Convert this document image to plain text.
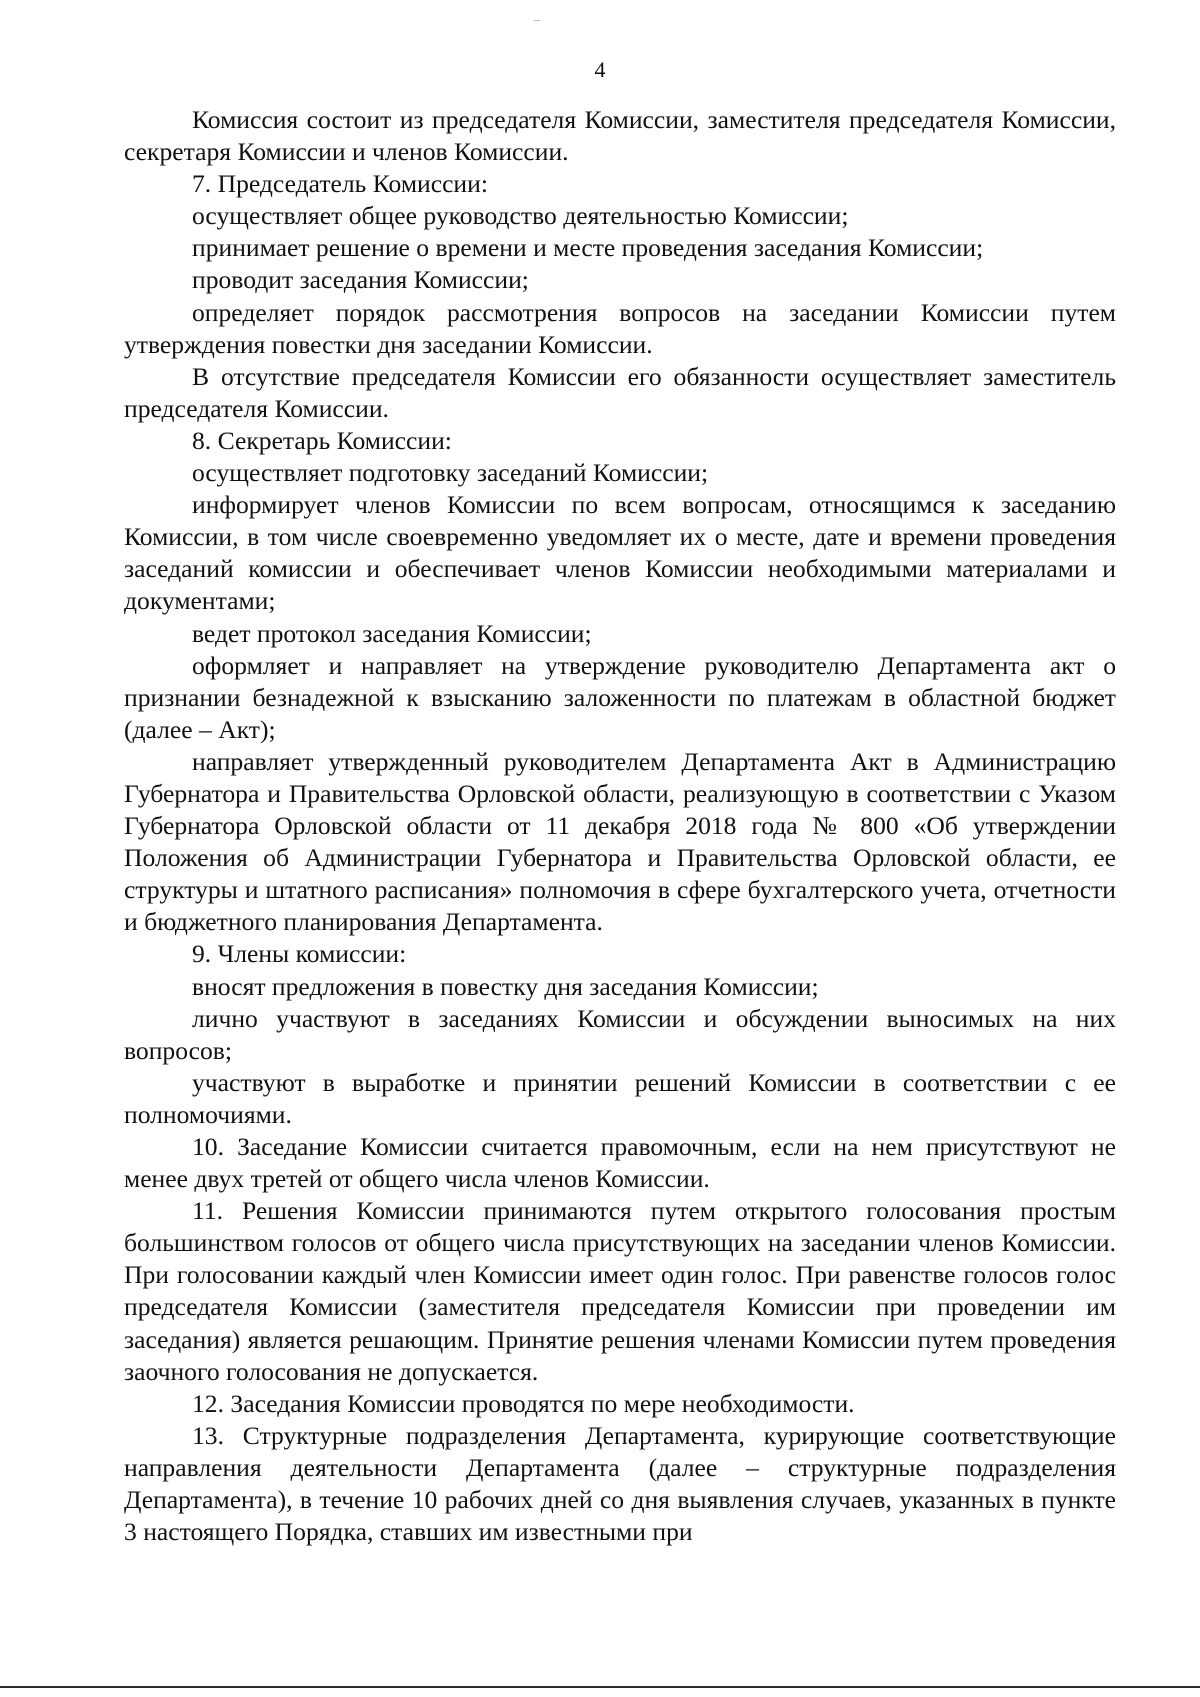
4

Комиссия состоит из председателя Комиссии, заместителя председателя Комиссии, секретаря Комиссии и членов Комиссии.

7. Председатель Комиссии:

осуществляет общее руководство деятельностью Комиссии;

принимает решение о времени и месте проведения заседания Комиссии;

проводит заседания Комиссии;

определяет порядок рассмотрения вопросов на заседании Комиссии путем утверждения повестки дня заседании Комиссии.

В отсутствие председателя Комиссии его обязанности осуществляет заместитель председателя Комиссии.

8. Секретарь Комиссии:

осуществляет подготовку заседаний Комиссии;

информирует членов Комиссии по всем вопросам, относящимся к заседанию Комиссии, в том числе своевременно уведомляет их о месте, дате и времени проведения заседаний комиссии и обеспечивает членов Комиссии необходимыми материалами и документами;

ведет протокол заседания Комиссии;

оформляет и направляет на утверждение руководителю Департамента акт о признании безнадежной к взысканию заложенности по платежам в областной бюджет (далее – Акт);

направляет утвержденный руководителем Департамента Акт в Администрацию Губернатора и Правительства Орловской области, реализующую в соответствии с Указом Губернатора Орловской области от 11 декабря 2018 года № 800 «Об утверждении Положения об Администрации Губернатора и Правительства Орловской области, ее структуры и штатного расписания» полномочия в сфере бухгалтерского учета, отчетности и бюджетного планирования Департамента.

9. Члены комиссии:

вносят предложения в повестку дня заседания Комиссии;

лично участвуют в заседаниях Комиссии и обсуждении выносимых на них вопросов;

участвуют в выработке и принятии решений Комиссии в соответствии с ее полномочиями.

10. Заседание Комиссии считается правомочным, если на нем присутствуют не менее двух третей от общего числа членов Комиссии.

11. Решения Комиссии принимаются путем открытого голосования простым большинством голосов от общего числа присутствующих на заседании членов Комиссии. При голосовании каждый член Комиссии имеет один голос. При равенстве голосов голос председателя Комиссии (заместителя председателя Комиссии при проведении им заседания) является решающим. Принятие решения членами Комиссии путем проведения заочного голосования не допускается.

12. Заседания Комиссии проводятся по мере необходимости.

13. Структурные подразделения Департамента, курирующие соответствующие направления деятельности Департамента (далее – структурные подразделения Департамента), в течение 10 рабочих дней со дня выявления случаев, указанных в пункте 3 настоящего Порядка, ставших им известными при
